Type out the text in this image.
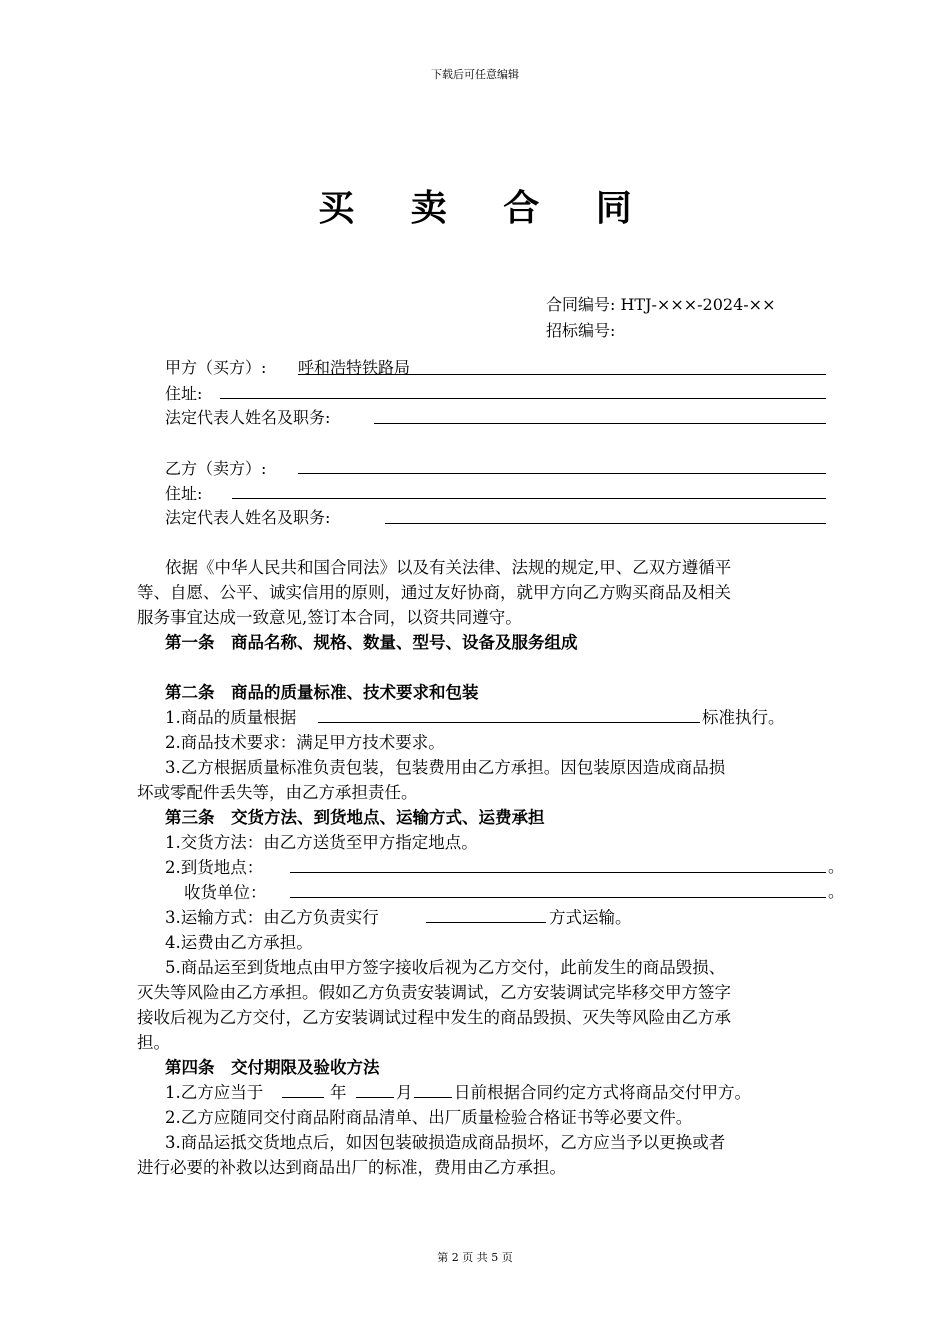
下载后可任意编辑
买 卖 合 同
合同编号: HTJ-×××-2024-××
招标编号:
甲方（买方）: 呼和浩特铁路局
住址:
法定代表人姓名及职务:
乙方（卖方）:
住址:
法定代表人姓名及职务:
依据《中华人民共和国合同法》以及有关法律、法规的规定,甲、乙双方遵循平
等、自愿、公平、诚实信用的原则，通过友好协商，就甲方向乙方购买商品及相关
服务事宜达成一致意见,签订本合同，以资共同遵守。
第一条　商品名称、规格、数量、型号、设备及服务组成
第二条　商品的质量标准、技术要求和包装
1.商品的质量根据	标准执行。
2.商品技术要求：满足甲方技术要求。
3.乙方根据质量标准负责包装，包装费用由乙方承担。因包装原因造成商品损
坏或零配件丢失等，由乙方承担责任。
第三条　交货方法、到货地点、运输方式、运费承担
1.交货方法：由乙方送货至甲方指定地点。
2.到货地点：	。
收货单位：	。
3.运输方式：由乙方负责实行	方式运输。
4.运费由乙方承担。
5.商品运至到货地点由甲方签字接收后视为乙方交付，此前发生的商品毁损、
灭失等风险由乙方承担。假如乙方负责安装调试，乙方安装调试完毕移交甲方签字
接收后视为乙方交付，乙方安装调试过程中发生的商品毁损、灭失等风险由乙方承
担。
第四条　交付期限及验收方法
1.乙方应当于	年	月	日前根据合同约定方式将商品交付甲方。
2.乙方应随同交付商品附商品清单、出厂质量检验合格证书等必要文件。
3.商品运抵交货地点后，如因包装破损造成商品损坏，乙方应当予以更换或者
进行必要的补救以达到商品出厂的标准，费用由乙方承担。
第 2 页 共 5 页
